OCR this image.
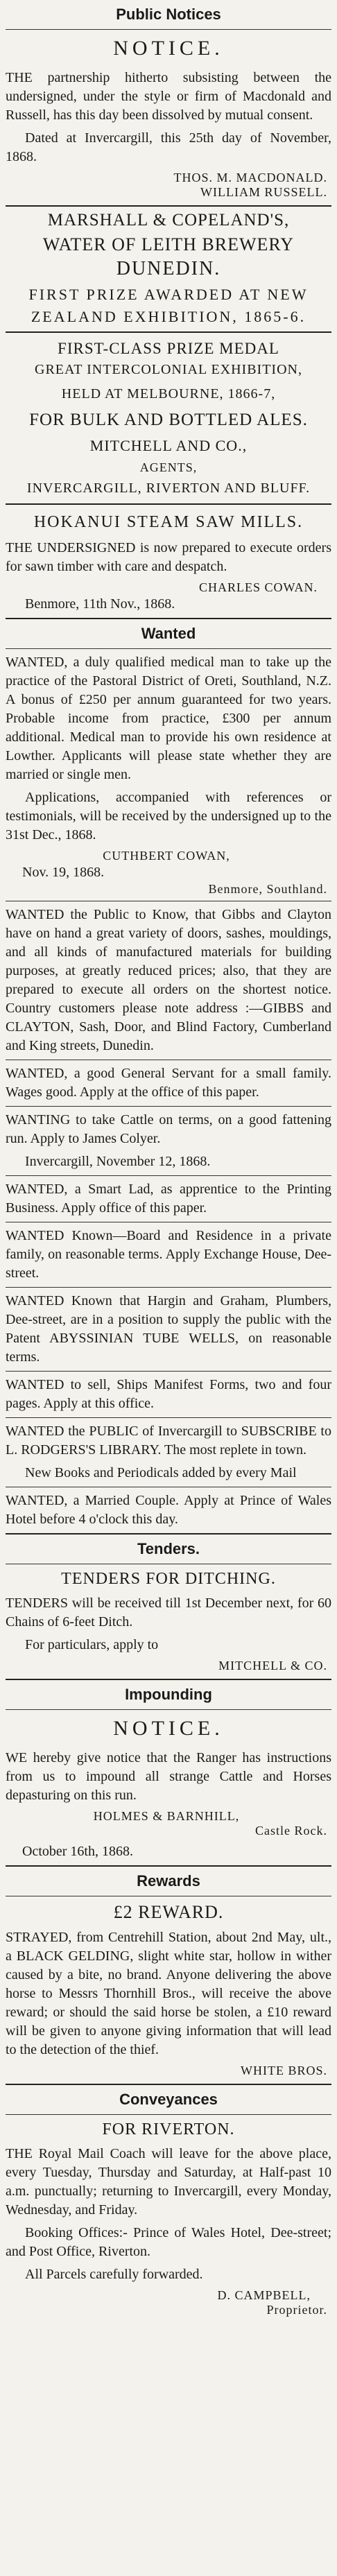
Public Notices
NOTICE.

THE partnership hitherto subsisting between the undersigned, under the style or firm of Macdonald and Russell, has this day been dissolved by mutual consent.

Dated at Invercargill, this 25th day of November, 1868.

THOS. M. MACDONALD.
WILLIAM RUSSELL.
MARSHALL & COPELAND'S,
WATER OF LEITH BREWERY
DUNEDIN.
FIRST PRIZE AWARDED AT NEW
ZEALAND EXHIBITION, 1865-6.
FIRST-CLASS PRIZE MEDAL
GREAT INTERCOLONIAL EXHIBITION,
HELD AT MELBOURNE, 1866-7,
FOR BULK AND BOTTLED ALES.
MITCHELL AND CO.,
AGENTS,
INVERCARGILL, RIVERTON AND BLUFF.
HOKANUI STEAM SAW MILLS.

THE UNDERSIGNED is now prepared to execute orders for sawn timber with care and despatch.

CHARLES COWAN.
Benmore, 11th Nov., 1868.
Wanted

WANTED, a duly qualified medical man to take up the practice of the Pastoral District of Oreti, Southland, N.Z. A bonus of £250 per annum guaranteed for two years. Probable income from practice, £300 per annum additional. Medical man to provide his own residence at Lowther. Applicants will please state whether they are married or single men.

Applications, accompanied with references or testimonials, will be received by the undersigned up to the 31st Dec., 1868.

CUTHBERT COWAN,
Nov. 19, 1868.
Benmore, Southland.

WANTED the Public to Know, that Gibbs and Clayton have on hand a great variety of doors, sashes, mouldings, and all kinds of manufactured materials for building purposes, at greatly reduced prices; also, that they are prepared to execute all orders on the shortest notice. Country customers please note address :—GIBBS and CLAYTON, Sash, Door, and Blind Factory, Cumberland and King streets, Dunedin.

WANTED, a good General Servant for a small family. Wages good. Apply at the office of this paper.

WANTING to take Cattle on terms, on a good fattening run. Apply to James Colyer.

Invercargill, November 12, 1868.

WANTED, a Smart Lad, as apprentice to the Printing Business. Apply office of this paper.

WANTED Known—Board and Residence in a private family, on reasonable terms. Apply Exchange House, Dee-street.

WANTED Known that Hargin and Graham, Plumbers, Dee-street, are in a position to supply the public with the Patent ABYSSINIAN TUBE WELLS, on reasonable terms.

WANTED to sell, Ships Manifest Forms, two and four pages. Apply at this office.

WANTED the PUBLIC of Invercargill to SUBSCRIBE to L. RODGERS'S LIBRARY. The most replete in town.

New Books and Periodicals added by every Mail

WANTED, a Married Couple. Apply at Prince of Wales Hotel before 4 o'clock this day.

Tenders.
TENDERS FOR DITCHING.

TENDERS will be received till 1st December next, for 60 Chains of 6-feet Ditch.

For particulars, apply to

MITCHELL & CO.
Impounding
NOTICE.

WE hereby give notice that the Ranger has instructions from us to impound all strange Cattle and Horses depasturing on this run.

HOLMES & BARNHILL,
Castle Rock.
October 16th, 1868.
Rewards
£2 REWARD.

STRAYED, from Centrehill Station, about 2nd May, ult., a BLACK GELDING, slight white star, hollow in wither caused by a bite, no brand. Anyone delivering the above horse to Messrs Thornhill Bros., will receive the above reward; or should the said horse be stolen, a £10 reward will be given to anyone giving information that will lead to the detection of the thief.

WHITE BROS.
Conveyances
FOR RIVERTON.

THE Royal Mail Coach will leave for the above place, every Tuesday, Thursday and Saturday, at Half-past 10 a.m. punctually; returning to Invercargill, every Monday, Wednesday, and Friday.

Booking Offices:- Prince of Wales Hotel, Dee-street; and Post Office, Riverton.

All Parcels carefully forwarded.

D. CAMPBELL,
Proprietor.
